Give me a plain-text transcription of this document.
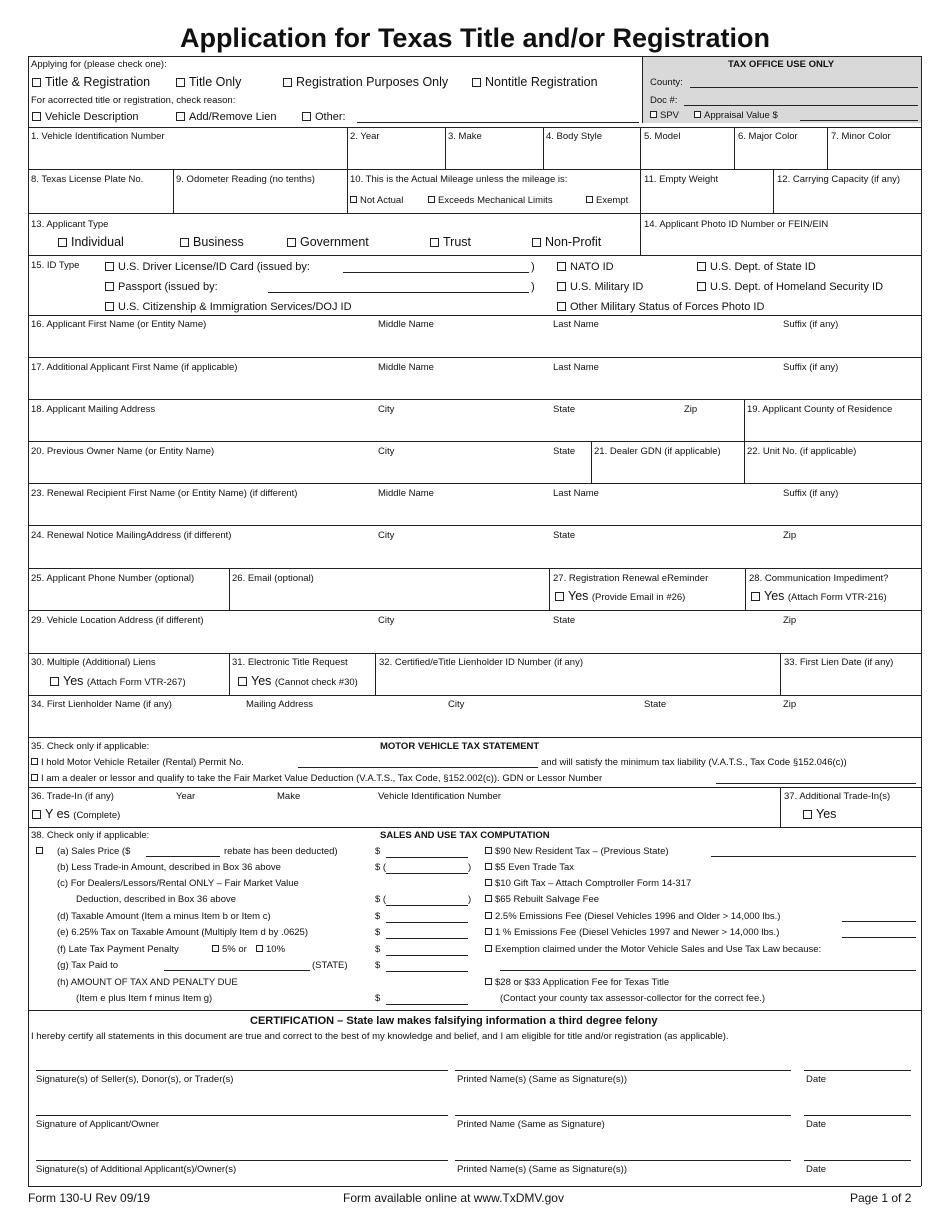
Application for Texas Title and/or Registration
TAX OFFICE USE ONLY
County:
Doc #:
SPV	Appraisal Value $
Applying for (please check one):
Title & Registration	Title Only	Registration Purposes Only	Nontitle Registration
For acorrected title or registration, check reason:
Vehicle Description	Add/Remove Lien	Other:
1. Vehicle Identification Number	2. Year	3. Make	4. Body Style	5. Model	6. Major Color	7. Minor Color
8. Texas License Plate No.	9. Odometer Reading (no tenths)	10. This is the Actual Mileage unless the mileage is:
Not Actual	Exceeds Mechanical Limits	Exempt
11. Empty Weight	12. Carrying Capacity (if any)
13. Applicant Type
Individual	Business	Government	Trust	Non-Profit
14. Applicant Photo ID Number or FEIN/EIN
15. ID Type	U.S. Driver License/ID Card (issued by:	)
Passport (issued by:	)
U.S. Citizenship & Immigration Services/DOJ ID
NATO ID
U.S. Military ID
Other Military Status of Forces Photo ID
U.S. Dept. of State ID
U.S. Dept. of Homeland Security ID
16. Applicant First Name (or Entity Name)	Middle Name	Last Name	Suffix (if any)
17. Additional Applicant First Name (if applicable)	Middle Name	Last Name	Suffix (if any)
18. Applicant Mailing Address	City	State	Zip	19. Applicant County of Residence
20. Previous Owner Name (or Entity Name)	City	State 21. Dealer GDN (if applicable)	22. Unit No. (if applicable)
23. Renewal Recipient First Name (or Entity Name) (if different)	Middle Name	Last Name	Suffix (if any)
24. Renewal Notice MailingAddress (if different)	City	State	Zip
25. Applicant Phone Number (optional)	26. Email (optional)	27. Registration Renewal eReminder
Yes (Provide Email in #26)
28. Communication Impediment?
Yes (Attach Form VTR-216)
29. Vehicle Location Address (if different)	City	State	Zip
30. Multiple (Additional) Liens
Yes (Attach Form VTR-267)
31. Electronic Title Request
Yes (Cannot check #30)
32. Certified/eTitle Lienholder ID Number (if any)	33. First Lien Date (if any)
34. First Lienholder Name (if any)	Mailing Address	City	State	Zip
35. Check only if applicable:	MOTOR VEHICLE TAX STATEMENT
I hold Motor Vehicle Retailer (Rental) Permit No.	and will satisfy the minimum tax liability (V.A.T.S., Tax Code §152.046(c))
I am a dealer or lessor and qualify to take the Fair Market Value Deduction (V.A.T.S., Tax Code, §152.002(c)). GDN or Lessor Number
36. Trade-In (if any)	Year	Make	Vehicle Identification Number
Y es (Complete)
37. Additional Trade-In(s)
Yes
38. Check only if applicable:	SALES AND USE TAX COMPUTATION
(a) Sales Price ($	rebate has been deducted)	$
(b) Less Trade-in Amount, described in Box 36 above	$ (	)
(c) For Dealers/Lessors/Rental ONLY – Fair Market Value
Deduction, described in Box 36 above	$ (	)
(d) Taxable Amount (Item a minus Item b or Item c)	$
(e) 6.25% Tax on Taxable Amount (Multiply Item d by .0625)	$
(f) Late Tax Payment Penalty	5% or	10%	$
(g) Tax Paid to	(STATE)	$
(h) AMOUNT OF TAX AND PENALTY DUE
(Item e plus Item f minus Item g)	$
$90 New Resident Tax – (Previous State)
$5 Even Trade Tax
$10 Gift Tax – Attach Comptroller Form 14-317
$65 Rebuilt Salvage Fee
2.5% Emissions Fee (Diesel Vehicles 1996 and Older > 14,000 lbs.)
1 % Emissions Fee (Diesel Vehicles 1997 and Newer > 14,000 lbs.)
Exemption claimed under the Motor Vehicle Sales and Use Tax Law because:
$28 or $33 Application Fee for Texas Title
(Contact your county tax assessor-collector for the correct fee.)
CERTIFICATION – State law makes falsifying information a third degree felony
I hereby certify all statements in this document are true and correct to the best of my knowledge and belief, and I am eligible for title and/or registration (as applicable).
Signature(s) of Seller(s), Donor(s), or Trader(s)	Printed Name(s) (Same as Signature(s))	Date
Signature of Applicant/Owner	Printed Name (Same as Signature)	Date
Signature(s) of Additional Applicant(s)/Owner(s)	Printed Name(s) (Same as Signature(s))	Date
Form 130-U Rev 09/19	Form available online at www.TxDMV.gov	Page 1 of 2
